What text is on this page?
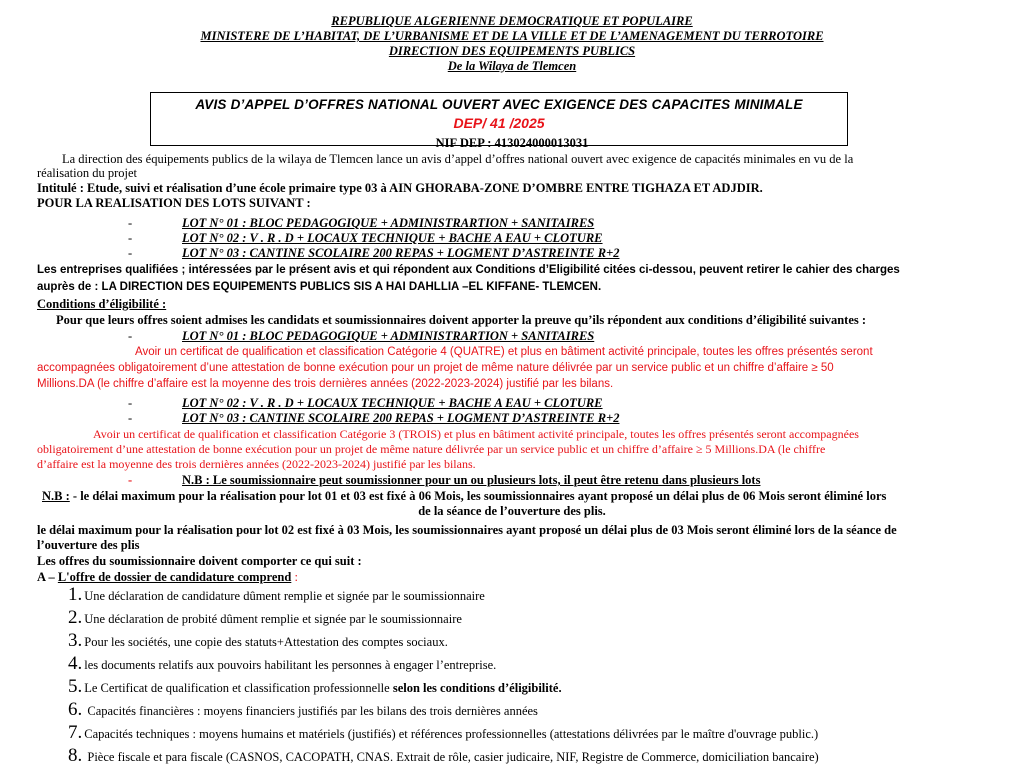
REPUBLIQUE ALGERIENNE DEMOCRATIQUE ET POPULAIRE
MINISTERE DE L’HABITAT, DE L’URBANISME ET DE LA VILLE ET DE L’AMENAGEMENT DU TERROTOIRE
DIRECTION DES EQUIPEMENTS PUBLICS
De la Wilaya de Tlemcen
AVIS D’APPEL D’OFFRES NATIONAL OUVERT AVEC EXIGENCE DES CAPACITES MINIMALE
DEP/ 41 /2025
NIF DEP : 413024000013031
La direction des équipements publics de la wilaya de Tlemcen lance un avis d’appel d’offres national ouvert avec exigence de capacités minimales en vu de la
réalisation du projet
Intitulé : Etude, suivi et réalisation d’une école primaire type 03 à AIN GHORABA-ZONE D’OMBRE ENTRE TIGHAZA ET ADJDIR.
POUR LA REALISATION DES LOTS SUIVANT :
-	LOT N° 01 : BLOC PEDAGOGIQUE + ADMINISTRARTION + SANITAIRES
-	LOT N° 02 : V . R . D + LOCAUX TECHNIQUE + BACHE A EAU + CLOTURE
-	LOT N° 03 : CANTINE SCOLAIRE 200 REPAS + LOGMENT D’ASTREINTE R+2
Les entreprises qualifiées ; intéressées par le présent avis et qui répondent aux Conditions d’Eligibilité citées ci-dessou, peuvent retirer le cahier des charges
auprès de : LA DIRECTION DES EQUIPEMENTS PUBLICS SIS A HAI DAHLLIA –EL KIFFANE- TLEMCEN.
Conditions d’éligibilité :
Pour que leurs offres soient admises les candidats et soumissionnaires doivent apporter la preuve qu’ils répondent aux conditions d’éligibilité suivantes :
-	LOT N° 01 : BLOC PEDAGOGIQUE + ADMINISTRARTION + SANITAIRES
Avoir un certificat de qualification et classification Catégorie 4 (QUATRE) et plus en bâtiment activité principale, toutes les offres présentés seront
accompagnées obligatoirement d’une attestation de bonne exécution pour un projet de même nature délivrée par un service public et un chiffre d’affaire ≥ 50
Millions.DA (le chiffre d’affaire est la moyenne des trois dernières années (2022-2023-2024) justifié par les bilans.
-	LOT N° 02 : V . R . D + LOCAUX TECHNIQUE + BACHE A EAU + CLOTURE
-	LOT N° 03 : CANTINE SCOLAIRE 200 REPAS + LOGMENT D’ASTREINTE R+2
Avoir un certificat de qualification et classification Catégorie 3 (TROIS) et plus en bâtiment activité principale, toutes les offres présentés seront accompagnées
obligatoirement d’une attestation de bonne exécution pour un projet de même nature délivrée par un service public et un chiffre d’affaire ≥ 5 Millions.DA (le chiffre
d’affaire est la moyenne des trois dernières années (2022-2023-2024) justifié par les bilans.
-	N.B : Le soumissionnaire peut soumissionner pour un ou plusieurs lots, il peut être retenu dans plusieurs lots
N.B : - le délai maximum pour la réalisation pour lot 01 et 03 est fixé à 06 Mois, les soumissionnaires ayant proposé un délai plus de 06 Mois seront éliminé lors
de la séance de l’ouverture des plis.
le délai maximum pour la réalisation pour lot 02 est fixé à 03 Mois, les soumissionnaires ayant proposé un délai plus de 03 Mois seront éliminé lors de la séance de
l’ouverture des plis
Les offres du soumissionnaire doivent comporter ce qui suit :
A – L'offre de dossier de candidature comprend :
1. Une déclaration de candidature dûment remplie et signée par le soumissionnaire
2. Une déclaration de probité dûment remplie et signée par le soumissionnaire
3. Pour les sociétés, une copie des statuts+Attestation des comptes sociaux.
4. les documents relatifs aux pouvoirs habilitant les personnes à engager l’entreprise.
5. Le Certificat de qualification et classification professionnelle selon les conditions d’éligibilité.
6. Capacités financières : moyens financiers justifiés par les bilans des trois dernières années
7. Capacités techniques : moyens humains et matériels (justifiés) et références professionnelles (attestations délivrées par le maître d'ouvrage public.)
8. Pièce fiscale et para fiscale (CASNOS, CACOPATH, CNAS. Extrait de rôle, casier judicaire, NIF, Registre de Commerce, domiciliation bancaire)
